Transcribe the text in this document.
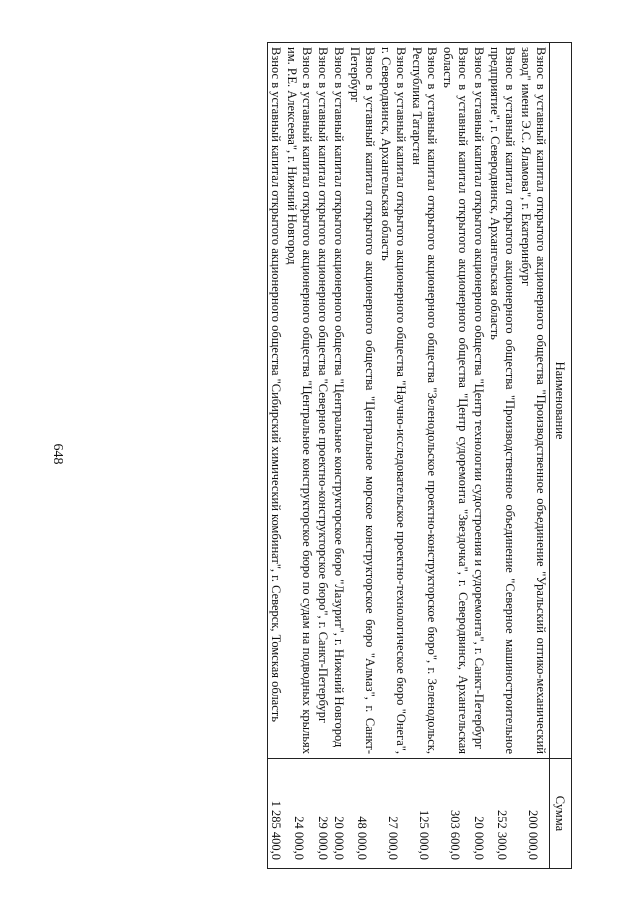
648
Наименование	Сумма
Взнос в уставный капитал открытого акционерного общества "Производственное объединение "Уральский оптико-механический завод" имени Э.С. Яламова", г. Екатеринбург	200 000,0
Взнос в уставный капитал открытого акционерного общества "Производственное объединение "Северное машиностроительное предприятие", г. Северодвинск, Архангельская область	252 300,0
Взнос в уставный капитал открытого акционерного общества "Центр технологии судостроения и судоремонта", г. Санкт-Петербург	20 000,0
Взнос в уставный капитал открытого акционерного общества "Центр судоремонта "Звездочка", г. Северодвинск, Архангельская область	303 600,0
Взнос в уставный капитал открытого акционерного общества "Зеленодольское проектно-конструкторское бюро", г. Зеленодольск, Республика Татарстан	125 000,0
Взнос в уставный капитал открытого акционерного общества "Научно-исследовательское проектно-технологическое бюро "Онега", г. Северодвинск, Архангельская область	27 000,0
Взнос в уставный капитал открытого акционерного общества "Центральное морское конструкторское бюро "Алмаз", г. Санкт-Петербург	48 000,0
Взнос в уставный капитал открытого акционерного общества "Центральное конструкторское бюро "Лазурит", г. Нижний Новгород	20 000,0
Взнос в уставный капитал открытого акционерного общества "Северное проектно-конструкторское бюро", г. Санкт-Петербург	29 000,0
Взнос в уставный капитал открытого акционерного общества "Центральное конструкторское бюро по судам на подводных крыльях им. Р.Е. Алексеева", г. Нижний Новгород	24 000,0
Взнос в уставный капитал открытого акционерного общества "Сибирский химический комбинат", г. Северск, Томская область	1 285 400,0
